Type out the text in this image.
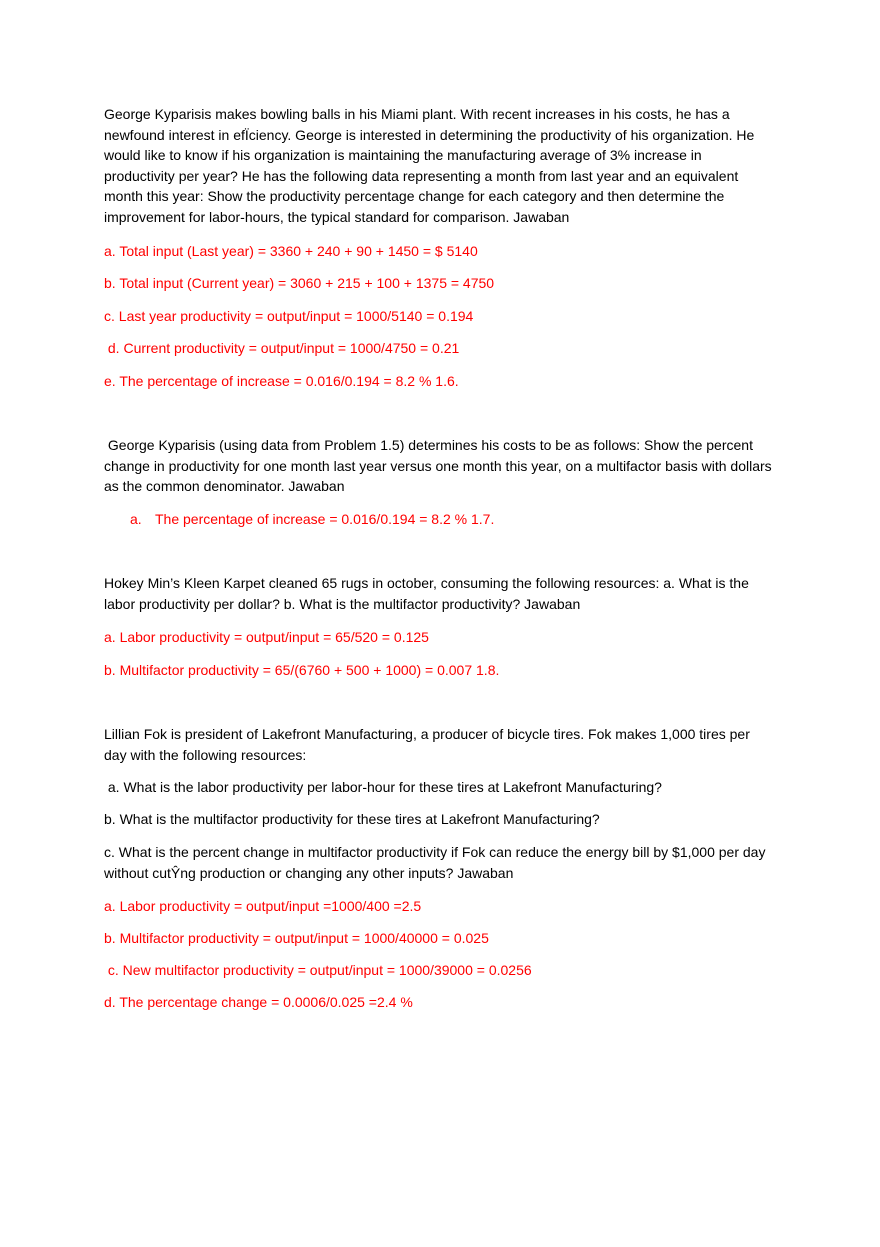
George Kyparisis makes bowling balls in his Miami plant. With recent increases in his costs, he has a newfound interest in efÏciency. George is interested in determining the productivity of his organization. He would like to know if his organization is maintaining the manufacturing average of 3% increase in productivity per year? He has the following data representing a month from last year and an equivalent month this year: Show the productivity percentage change for each category and then determine the improvement for labor-hours, the typical standard for comparison. Jawaban

a. Total input (Last year) = 3360 + 240 + 90 + 1450 = $ 5140

b. Total input (Current year) = 3060 + 215 + 100 + 1375 = 4750

c. Last year productivity = output/input = 1000/5140 = 0.194

d. Current productivity = output/input = 1000/4750 = 0.21

e. The percentage of increase = 0.016/0.194 = 8.2 % 1.6.

George Kyparisis (using data from Problem 1.5) determines his costs to be as follows: Show the percent change in productivity for one month last year versus one month this year, on a multifactor basis with dollars as the common denominator. Jawaban

a. The percentage of increase = 0.016/0.194 = 8.2 % 1.7.

Hokey Min’s Kleen Karpet cleaned 65 rugs in october, consuming the following resources: a. What is the labor productivity per dollar? b. What is the multifactor productivity? Jawaban

a. Labor productivity = output/input = 65/520 = 0.125

b. Multifactor productivity = 65/(6760 + 500 + 1000) = 0.007 1.8.

Lillian Fok is president of Lakefront Manufacturing, a producer of bicycle tires. Fok makes 1,000 tires per day with the following resources:

a. What is the labor productivity per labor-hour for these tires at Lakefront Manufacturing?

b. What is the multifactor productivity for these tires at Lakefront Manufacturing?

c. What is the percent change in multifactor productivity if Fok can reduce the energy bill by $1,000 per day without cutŶng production or changing any other inputs? Jawaban

a. Labor productivity = output/input =1000/400 =2.5

b. Multifactor productivity = output/input = 1000/40000 = 0.025

c. New multifactor productivity = output/input = 1000/39000 = 0.0256

d. The percentage change = 0.0006/0.025 =2.4 %
